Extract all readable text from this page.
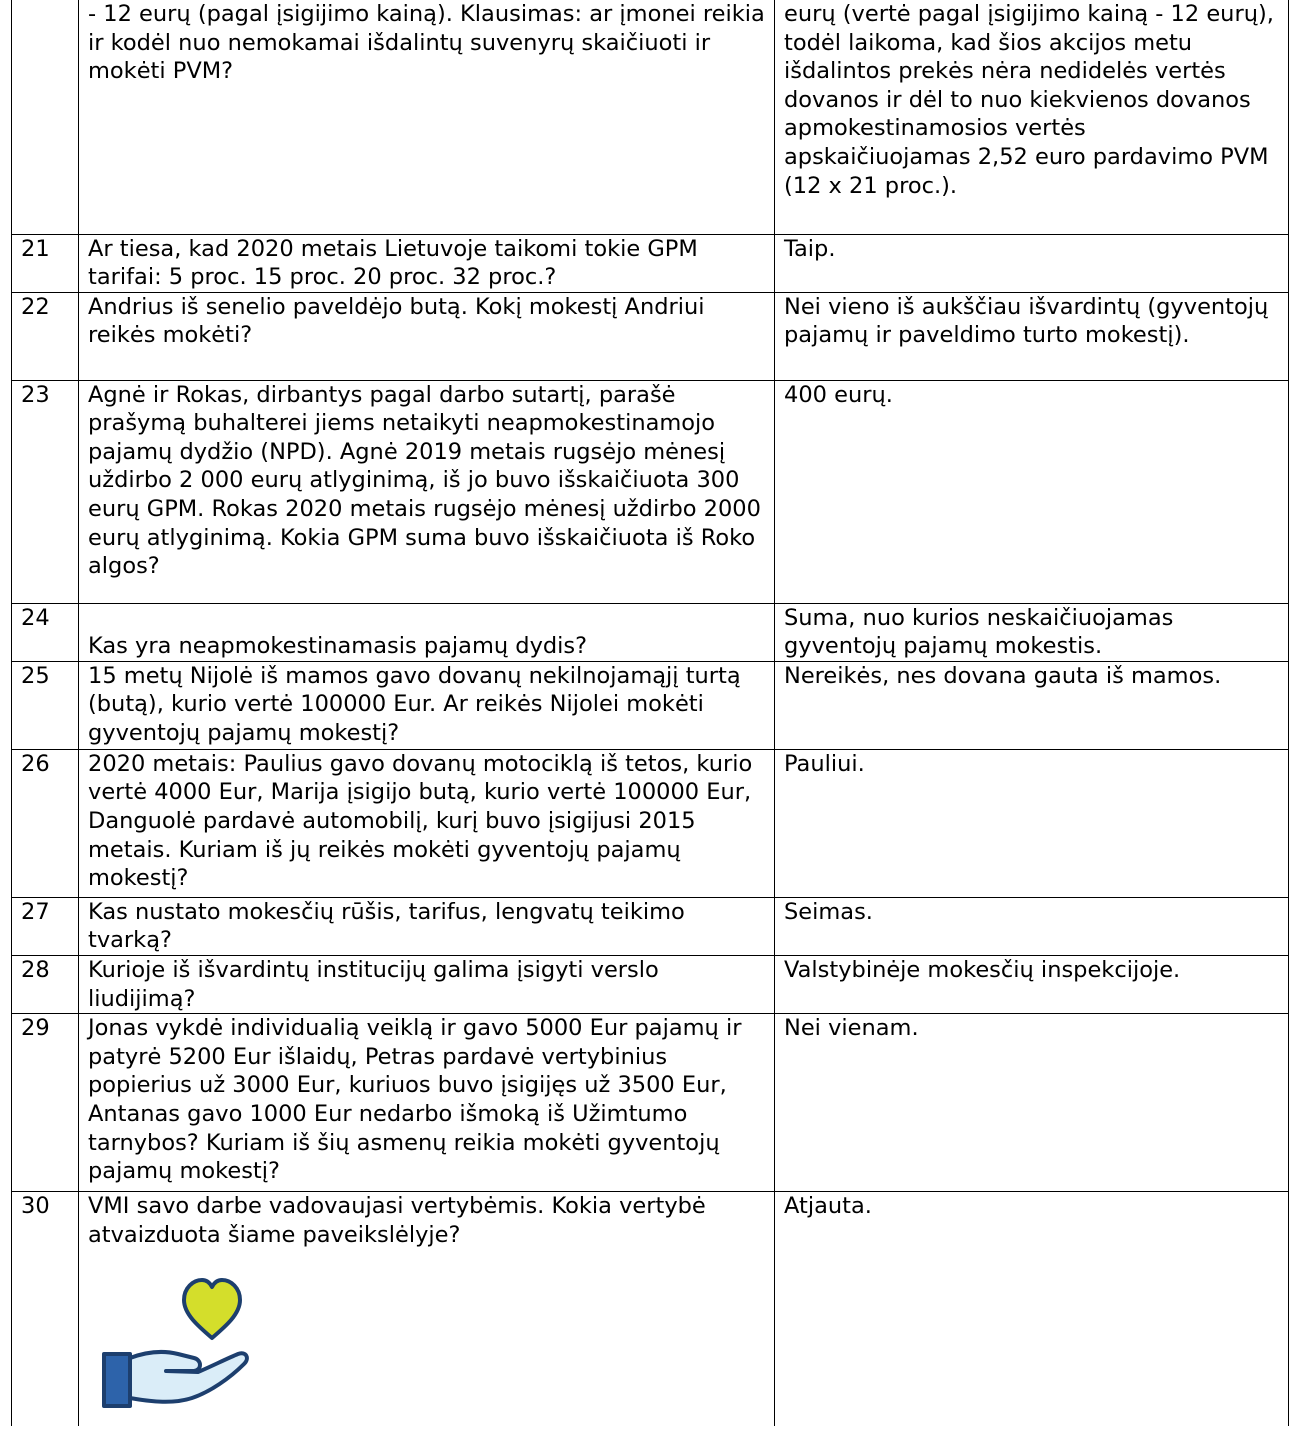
	- 12 eurų (pagal įsigijimo kainą). Klausimas: ar įmonei reikia ir kodėl nuo nemokamai išdalintų suvenyrų skaičiuoti ir mokėti PVM?	eurų (vertė pagal įsigijimo kainą - 12 eurų), todėl laikoma, kad šios akcijos metu išdalintos prekės nėra nedidelės vertės dovanos ir dėl to nuo kiekvienos dovanos apmokestinamosios vertės apskaičiuojamas 2,52 euro pardavimo PVM (12 x 21 proc.).
21	Ar tiesa, kad 2020 metais Lietuvoje taikomi tokie GPM tarifai: 5 proc. 15 proc. 20 proc. 32 proc.?	Taip.
22	Andrius iš senelio paveldėjo butą. Kokį mokestį Andriui reikės mokėti?	Nei vieno iš aukščiau išvardintų (gyventojų pajamų ir paveldimo turto mokestį).
23	Agnė ir Rokas, dirbantys pagal darbo sutartį, parašė prašymą buhalterei jiems netaikyti neapmokestinamojo pajamų dydžio (NPD). Agnė 2019 metais rugsėjo mėnesį uždirbo 2 000 eurų atlyginimą, iš jo buvo išskaičiuota 300 eurų GPM. Rokas 2020 metais rugsėjo mėnesį uždirbo 2000 eurų atlyginimą. Kokia GPM suma buvo išskaičiuota iš Roko algos?	400 eurų.
24	Kas yra neapmokestinamasis pajamų dydis?	Suma, nuo kurios neskaičiuojamas gyventojų pajamų mokestis.
25	15 metų Nijolė iš mamos gavo dovanų nekilnojamąjį turtą (butą), kurio vertė 100000 Eur. Ar reikės Nijolei mokėti gyventojų pajamų mokestį?	Nereikės, nes dovana gauta iš mamos.
26	2020 metais: Paulius gavo dovanų motociklą iš tetos, kurio vertė 4000 Eur, Marija įsigijo butą, kurio vertė 100000 Eur, Danguolė pardavė automobilį, kurį buvo įsigijusi 2015 metais. Kuriam iš jų reikės mokėti gyventojų pajamų mokestį?	Pauliui.
27	Kas nustato mokesčių rūšis, tarifus, lengvatų teikimo tvarką?	Seimas.
28	Kurioje iš išvardintų institucijų galima įsigyti verslo liudijimą?	Valstybinėje mokesčių inspekcijoje.
29	Jonas vykdė individualią veiklą ir gavo 5000 Eur pajamų ir patyrė 5200 Eur išlaidų, Petras pardavė vertybinius popierius už 3000 Eur, kuriuos buvo įsigijęs už 3500 Eur, Antanas gavo 1000 Eur nedarbo išmoką iš Užimtumo tarnybos? Kuriam iš šių asmenų reikia mokėti gyventojų pajamų mokestį?	Nei vienam.
30	VMI savo darbe vadovaujasi vertybėmis. Kokia vertybė atvaizduota šiame paveikslėlyje?	Atjauta.
